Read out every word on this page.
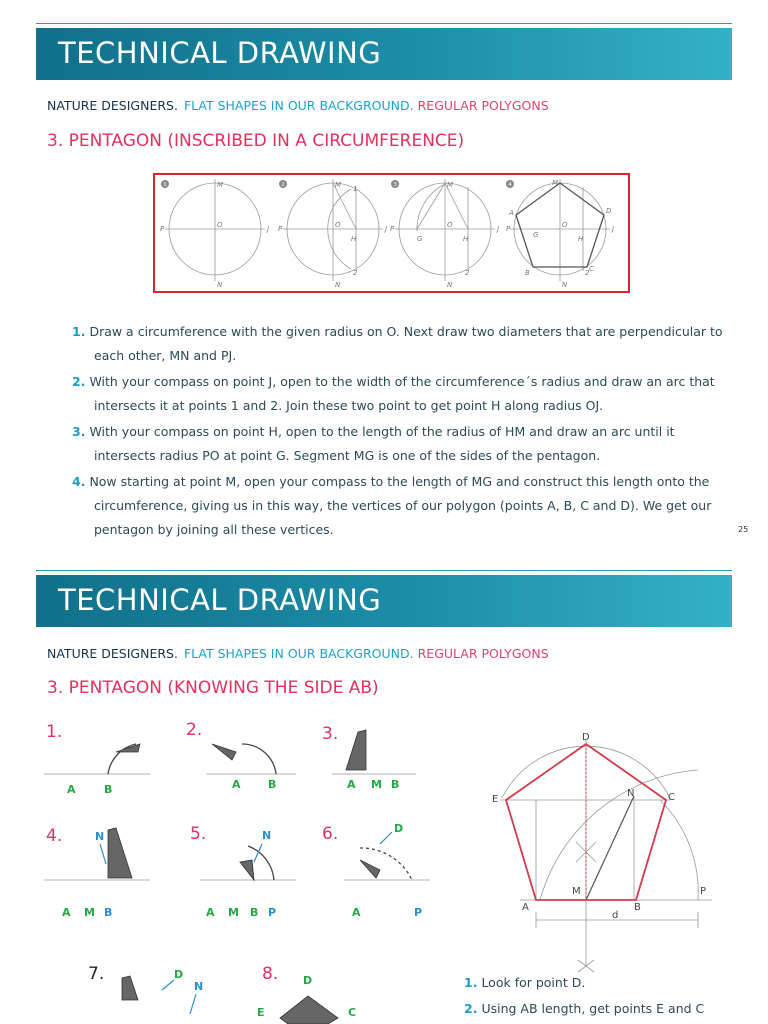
TECHNICAL DRAWING
NATURE DESIGNERS. FLAT SHAPES IN OUR BACKGROUND. REGULAR POLYGONS
3. PENTAGON (INSCRIBED IN A CIRCUMFERENCE)
M
N
P	J
O
M
N
P	J
O
H
1
2
M
N
P	J
O
H
G
2
M
N
P	J
O
H
G
A	D
B	C
2
1	2	3	4
1. Draw a circumference with the given radius on O. Next draw two diameters that are perpendicular to each other, MN and PJ.
2. With your compass on point J, open to the width of the circumference´s radius and draw an arc that intersects it at points 1 and 2. Join these two point to get point H along radius OJ.
3. With your compass on point H, open to the length of the radius of HM and draw an arc until it intersects radius PO at point G. Segment MG is one of the sides of the pentagon.
4. Now starting at point M, open your compass to the length of MG and construct this length onto the circumference, giving us in this way, the vertices of our polygon (points A, B, C and D). We get our pentagon by joining all these vertices.	25
TECHNICAL DRAWING
NATURE DESIGNERS. FLAT SHAPES IN OUR BACKGROUND. REGULAR POLYGONS
3. PENTAGON (KNOWING THE SIDE AB)
1.	2.	3.
4.	5.	6.
7.	8.
A	B	A B	A M B
N
A M B
N
A M B P
D
A	P
D
N	D
E	C
D
E	C
N
M
A	B
P
d
1. Look for point D.
2. Using AB length, get points E and C
